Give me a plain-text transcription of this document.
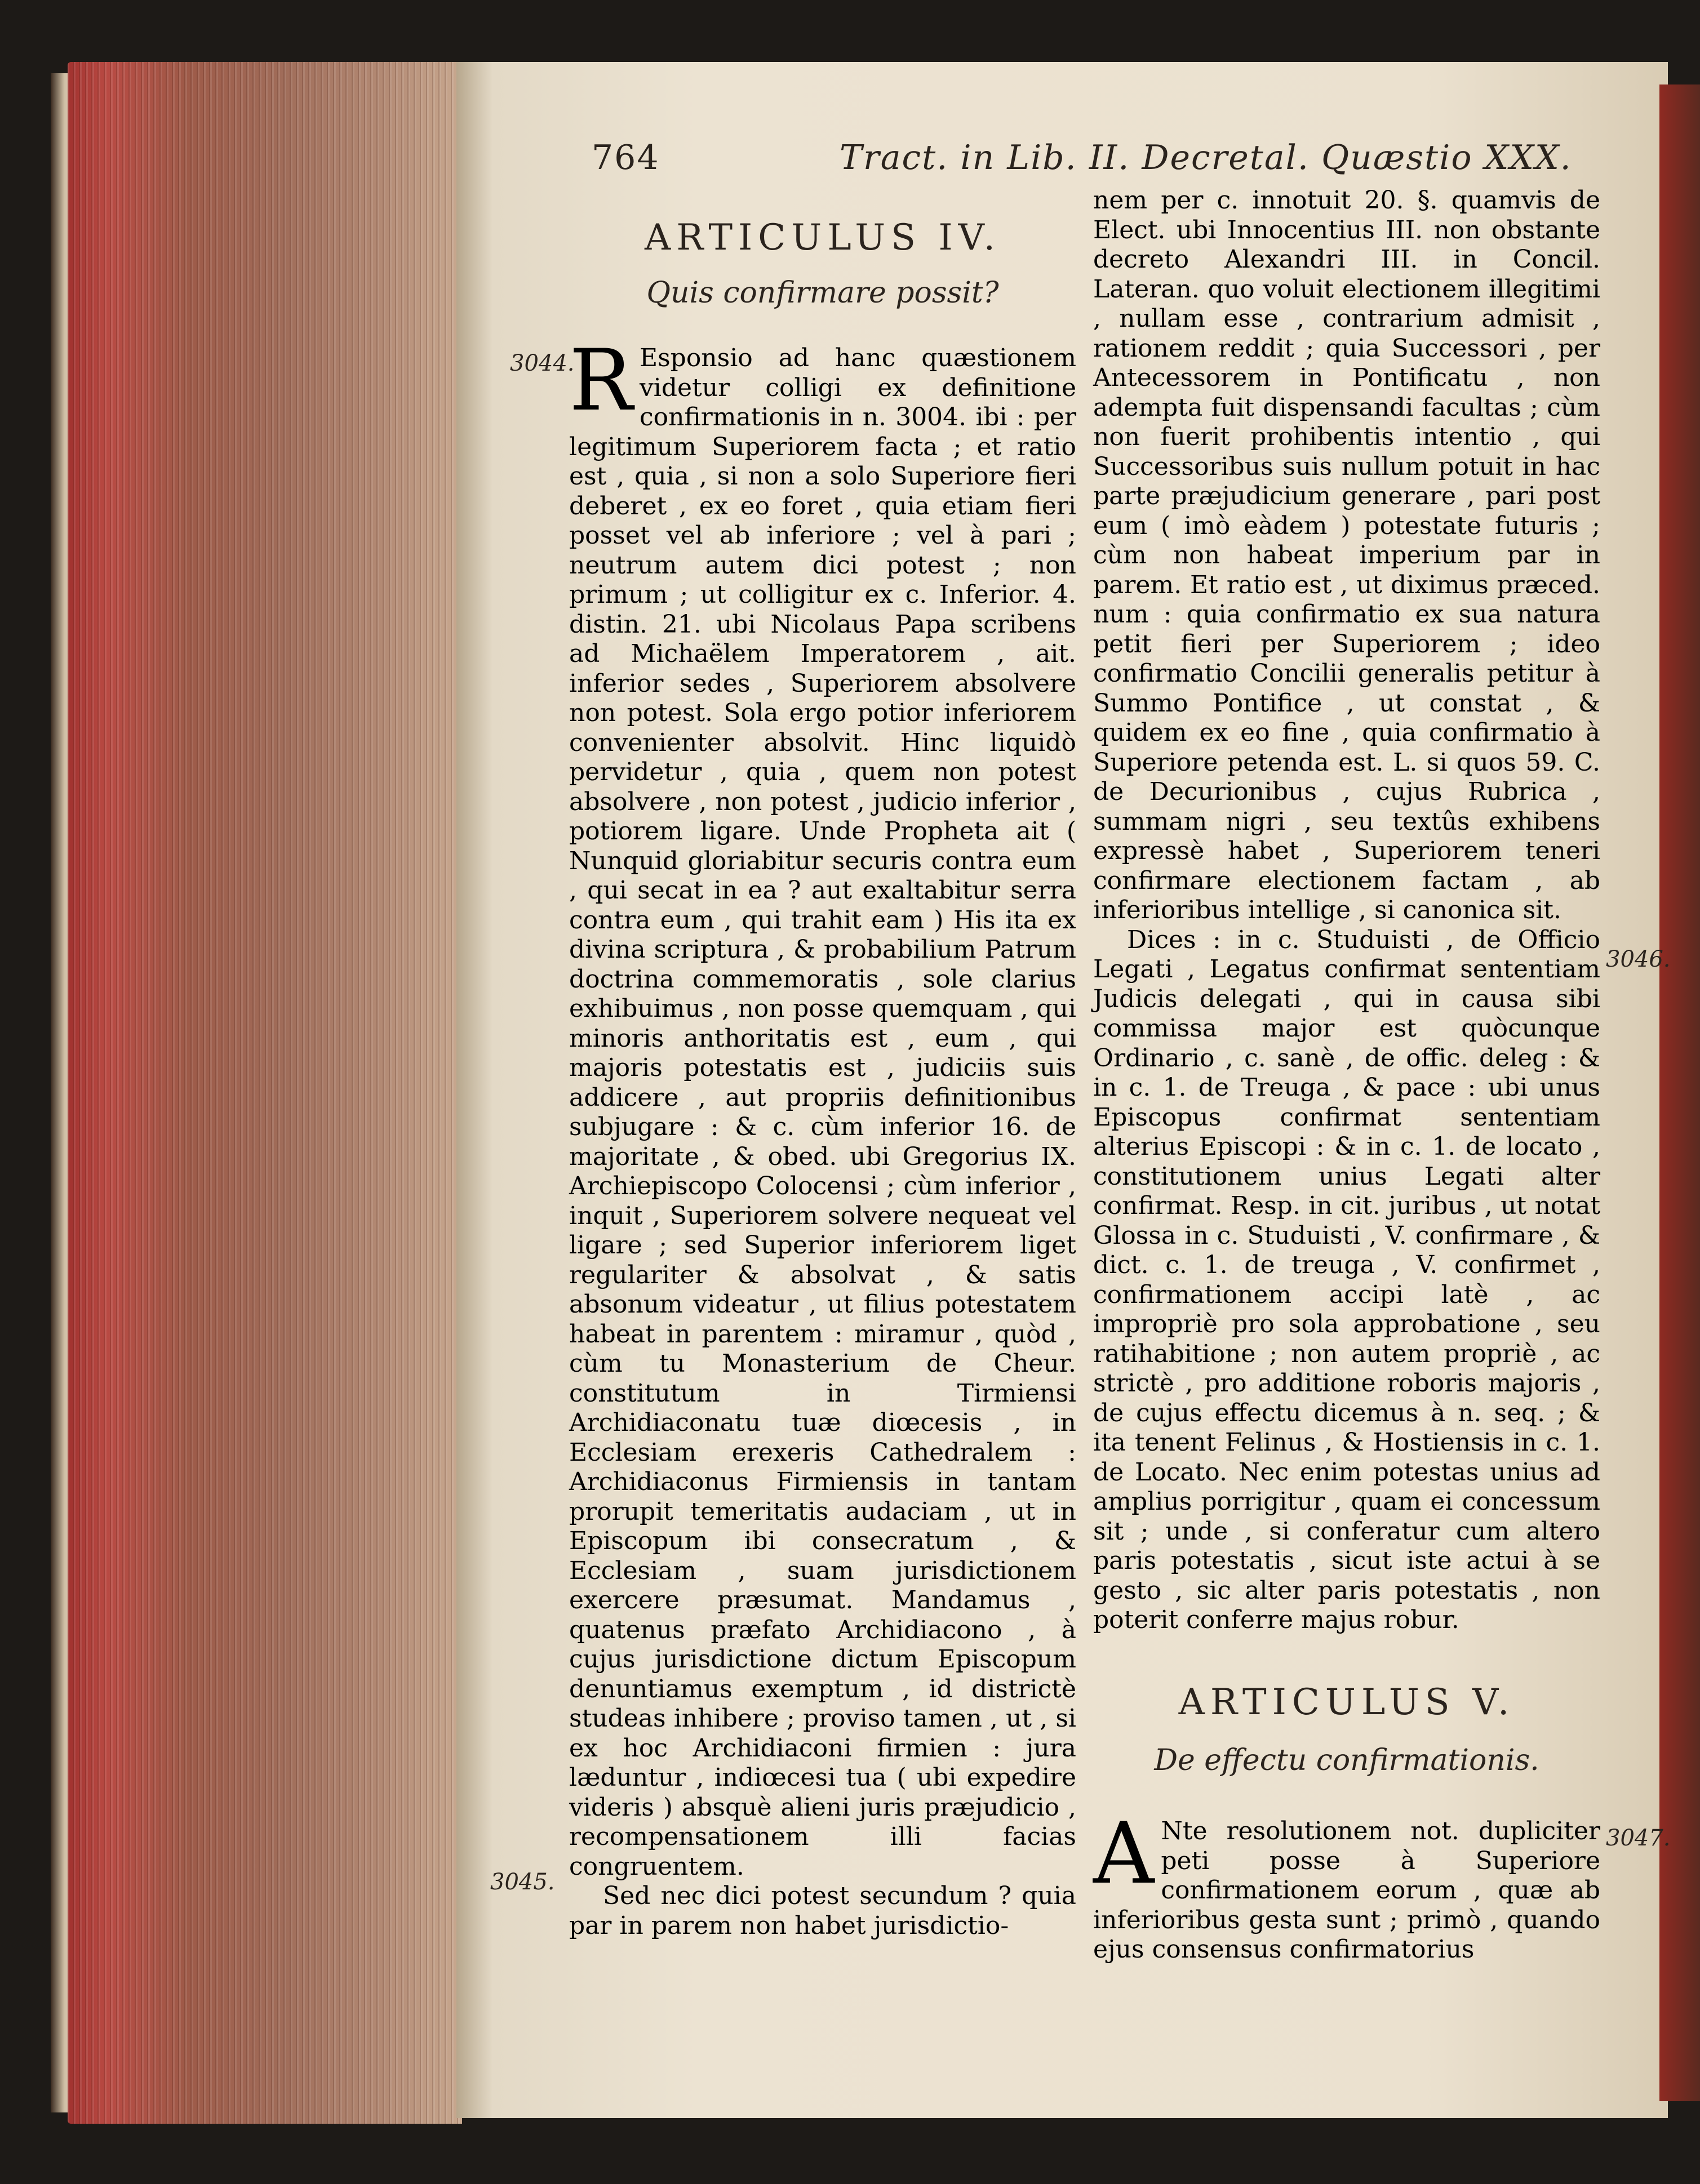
764	Tract. in Lib. II. Decretal. Quæstio XXX.
ARTICULUS IV.
Quis confirmare possit?
3044.
3045.

R Esponsio ad hanc quæstionem videtur colligi ex definitione confirmationis in n. 3004. ibi : per legitimum Superiorem facta ; et ratio est , quia , si non a solo Superiore fieri deberet , ex eo foret , quia etiam fieri posset vel ab inferiore ; vel à pari ; neutrum autem dici potest ; non primum ; ut colligitur ex c. Inferior. 4. distin. 21. ubi Nicolaus Papa scribens ad Michaëlem Imperatorem , ait. inferior sedes , Superiorem absolvere non potest. Sola ergo potior inferiorem convenienter absolvit. Hinc liquidò pervidetur , quia , quem non potest absolvere , non potest , judicio inferior , potiorem ligare. Unde Propheta ait ( Nunquid gloriabitur securis contra eum , qui secat in ea ? aut exaltabitur serra contra eum , qui trahit eam ) His ita ex divina scriptura , & probabilium Patrum doctrina commemoratis , sole clarius exhibuimus , non posse quemquam , qui minoris anthoritatis est , eum , qui majoris potestatis est , judiciis suis addicere , aut propriis definitionibus subjugare : & c. cùm inferior 16. de majoritate , & obed. ubi Gregorius IX. Archiepiscopo Colocensi ; cùm inferior , inquit , Superiorem solvere nequeat vel ligare ; sed Superior inferiorem liget regulariter & absolvat , & satis absonum videatur , ut filius potestatem habeat in parentem : miramur , quòd , cùm tu Monasterium de Cheur. constitutum in Tirmiensi Archidiaconatu tuæ diœcesis , in Ecclesiam erexeris Cathedralem : Archidiaconus Firmiensis in tantam prorupit temeritatis audaciam , ut in Episcopum ibi consecratum , & Ecclesiam , suam jurisdictionem exercere præsumat. Mandamus , quatenus præfato Archidiacono , à cujus jurisdictione dictum Episcopum denuntiamus exemptum , id districtè studeas inhibere ; proviso tamen , ut , si ex hoc Archidiaconi firmien : jura læduntur , indiœcesi tua ( ubi expedire videris ) absquè alieni juris præjudicio , recompensationem illi facias congruentem.

Sed nec dici potest secundum ? quia par in parem non habet jurisdictio-

nem per c. innotuit 20. §. quamvis de Elect. ubi Innocentius III. non obstante decreto Alexandri III. in Concil. Lateran. quo voluit electionem illegitimi , nullam esse , contrarium admisit , rationem reddit ; quia Successori , per Antecessorem in Pontificatu , non adempta fuit dispensandi facultas ; cùm non fuerit prohibentis intentio , qui Successoribus suis nullum potuit in hac parte præjudicium generare , pari post eum ( imò eàdem ) potestate futuris ; cùm non habeat imperium par in parem. Et ratio est , ut diximus præced. num : quia confirmatio ex sua natura petit fieri per Superiorem ; ideo confirmatio Concilii generalis petitur à Summo Pontifice , ut constat , & quidem ex eo fine , quia confirmatio à Superiore petenda est. L. si quos 59. C. de Decurionibus , cujus Rubrica , summam nigri , seu textûs exhibens expressè habet , Superiorem teneri confirmare electionem factam , ab inferioribus intellige , si canonica sit.

Dices : in c. Studuisti , de Officio Legati , Legatus confirmat sententiam Judicis delegati , qui in causa sibi commissa major est quòcunque Ordinario , c. sanè , de offic. deleg : & in c. 1. de Treuga , & pace : ubi unus Episcopus confirmat sententiam alterius Episcopi : & in c. 1. de locato , constitutionem unius Legati alter confirmat. Resp. in cit. juribus , ut notat Glossa in c. Studuisti , V. confirmare , & dict. c. 1. de treuga , V. confirmet , confirmationem accipi latè , ac impropriè pro sola approbatione , seu ratihabitione ; non autem propriè , ac strictè , pro additione roboris majoris , de cujus effectu dicemus à n. seq. ; & ita tenent Felinus , & Hostiensis in c. 1. de Locato. Nec enim potestas unius ad amplius porrigitur , quam ei concessum sit ; unde , si conferatur cum altero paris potestatis , sicut iste actui à se gesto , sic alter paris potestatis , non poterit conferre majus robur.

3046.
ARTICULUS V.
De effectu confirmationis.
3047.

A Nte resolutionem not. dupliciter peti posse à Superiore confirmationem eorum , quæ ab inferioribus gesta sunt ; primò , quando ejus consensus confirmatorius
